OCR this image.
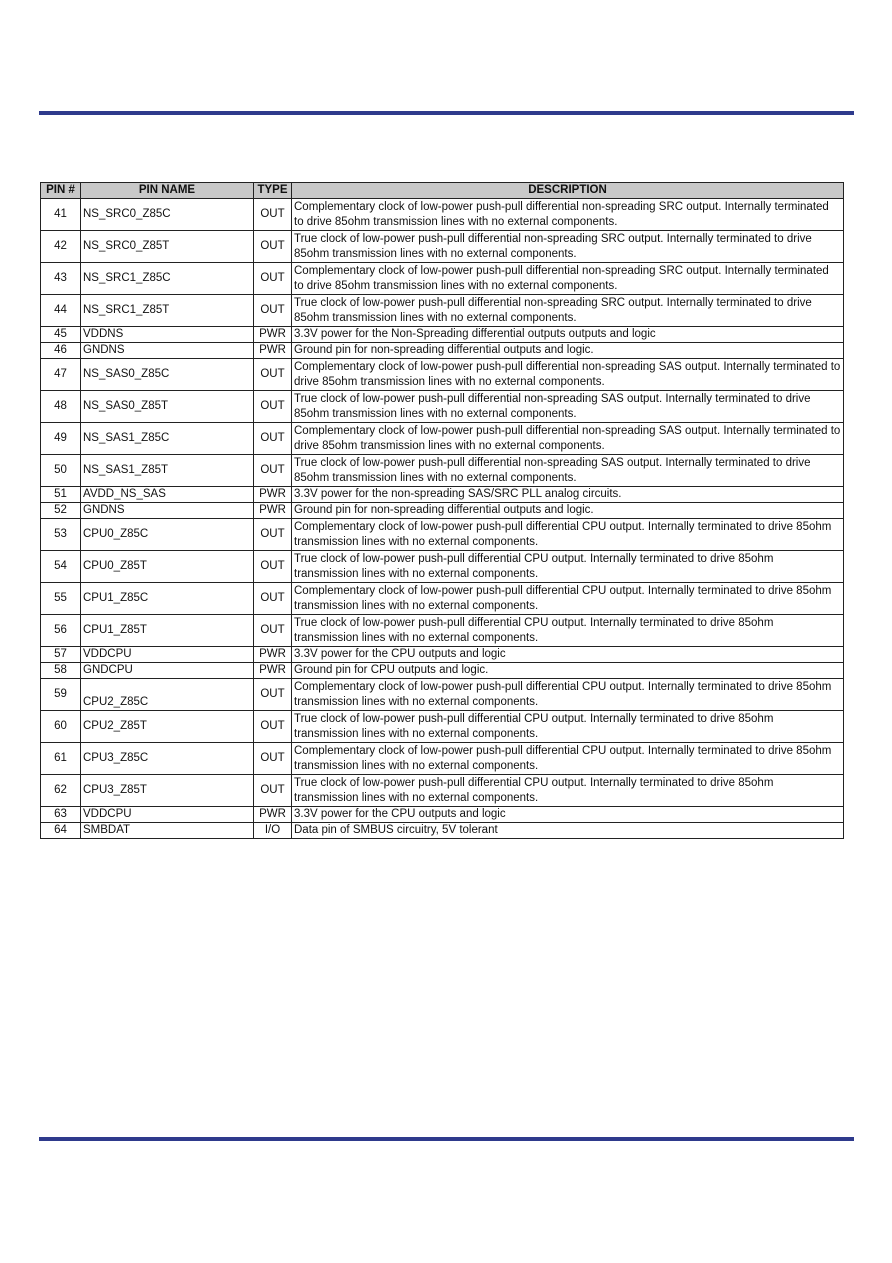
PIN #	PIN NAME	TYPE	DESCRIPTION
41	NS_SRC0_Z85C	OUT	Complementary clock of low-power push-pull differential non-spreading SRC output. Internally terminated to drive 85ohm transmission lines with no external components.
42	NS_SRC0_Z85T	OUT	True clock of low-power push-pull differential non-spreading SRC output. Internally terminated to drive 85ohm transmission lines with no external components.
43	NS_SRC1_Z85C	OUT	Complementary clock of low-power push-pull differential non-spreading SRC output. Internally terminated to drive 85ohm transmission lines with no external components.
44	NS_SRC1_Z85T	OUT	True clock of low-power push-pull differential non-spreading SRC output. Internally terminated to drive 85ohm transmission lines with no external components.
45	VDDNS	PWR	3.3V power for the Non-Spreading differential outputs outputs and logic
46	GNDNS	PWR	Ground pin for non-spreading differential outputs and logic.
47	NS_SAS0_Z85C	OUT	Complementary clock of low-power push-pull differential non-spreading SAS output. Internally terminated to drive 85ohm transmission lines with no external components.
48	NS_SAS0_Z85T	OUT	True clock of low-power push-pull differential non-spreading SAS output. Internally terminated to drive 85ohm transmission lines with no external components.
49	NS_SAS1_Z85C	OUT	Complementary clock of low-power push-pull differential non-spreading SAS output. Internally terminated to drive 85ohm transmission lines with no external components.
50	NS_SAS1_Z85T	OUT	True clock of low-power push-pull differential non-spreading SAS output. Internally terminated to drive 85ohm transmission lines with no external components.
51	AVDD_NS_SAS	PWR	3.3V power for the non-spreading SAS/SRC PLL analog circuits.
52	GNDNS	PWR	Ground pin for non-spreading differential outputs and logic.
53	CPU0_Z85C	OUT	Complementary clock of low-power push-pull differential CPU output. Internally terminated to drive 85ohm transmission lines with no external components.
54	CPU0_Z85T	OUT	True clock of low-power push-pull differential CPU output. Internally terminated to drive 85ohm transmission lines with no external components.
55	CPU1_Z85C	OUT	Complementary clock of low-power push-pull differential CPU output. Internally terminated to drive 85ohm transmission lines with no external components.
56	CPU1_Z85T	OUT	True clock of low-power push-pull differential CPU output. Internally terminated to drive 85ohm transmission lines with no external components.
57	VDDCPU	PWR	3.3V power for the CPU outputs and logic
58	GNDCPU	PWR	Ground pin for CPU outputs and logic.
59	CPU2_Z85C	OUT	Complementary clock of low-power push-pull differential CPU output. Internally terminated to drive 85ohm transmission lines with no external components.
60	CPU2_Z85T	OUT	True clock of low-power push-pull differential CPU output. Internally terminated to drive 85ohm transmission lines with no external components.
61	CPU3_Z85C	OUT	Complementary clock of low-power push-pull differential CPU output. Internally terminated to drive 85ohm transmission lines with no external components.
62	CPU3_Z85T	OUT	True clock of low-power push-pull differential CPU output. Internally terminated to drive 85ohm transmission lines with no external components.
63	VDDCPU	PWR	3.3V power for the CPU outputs and logic
64	SMBDAT	I/O	Data pin of SMBUS circuitry, 5V tolerant
